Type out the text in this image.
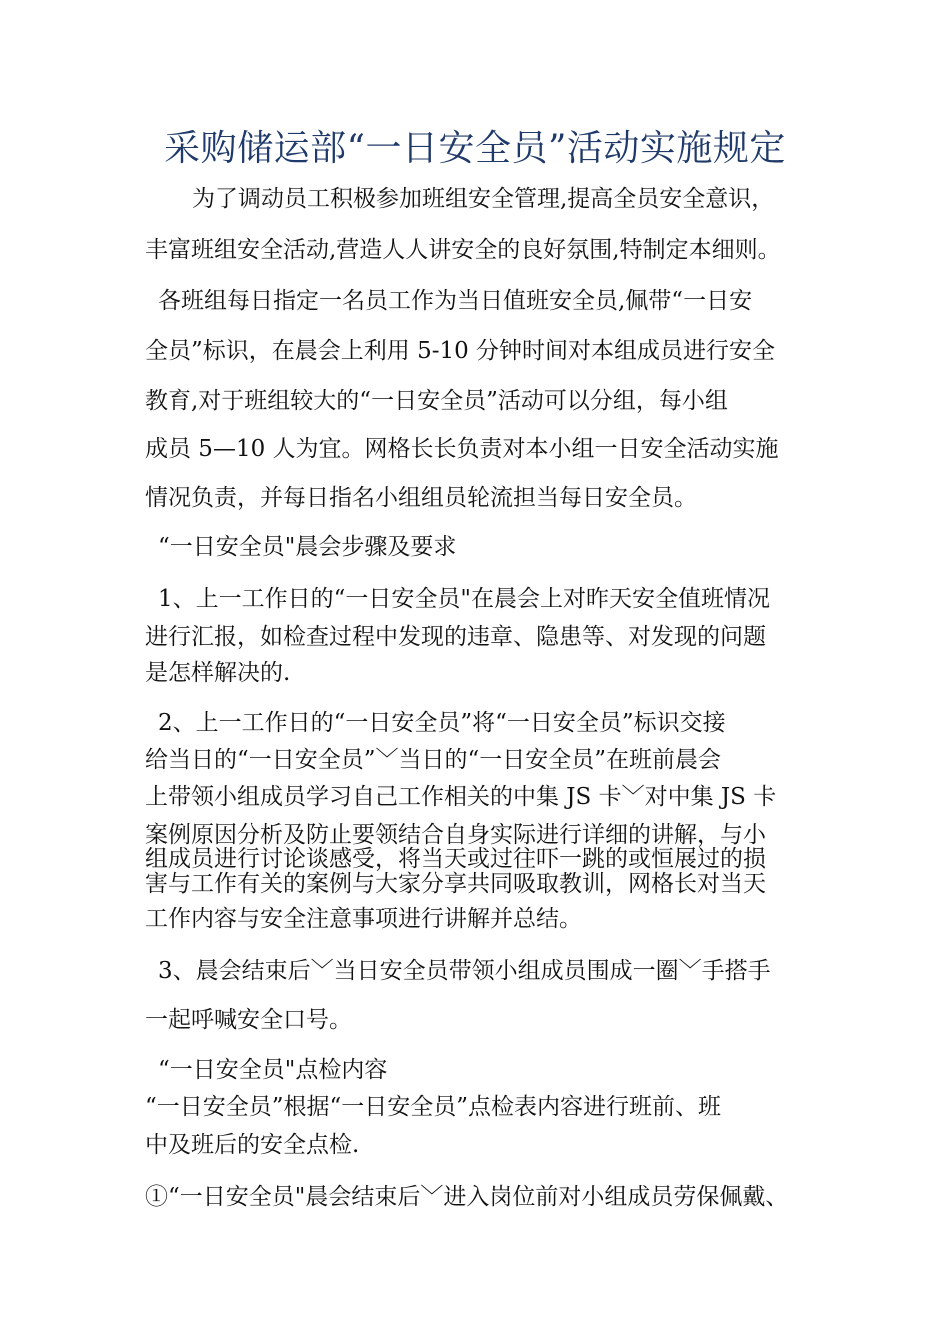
采购储运部“一日安全员”活动实施规定
为了调动员工积极参加班组安全管理,提高全员安全意识，
丰富班组安全活动,营造人人讲安全的良好氛围,特制定本细则。
各班组每日指定一名员工作为当日值班安全员,佩带“一日安
全员”标识，在晨会上利用 5-10 分钟时间对本组成员进行安全
教育,对于班组较大的“一日安全员”活动可以分组，每小组
成员 5—10 人为宜。网格长长负责对本小组一日安全活动实施
情况负责，并每日指名小组组员轮流担当每日安全员。
“一日安全员"晨会步骤及要求
1、上一工作日的“一日安全员"在晨会上对昨天安全值班情况
进行汇报，如检查过程中发现的违章、隐患等、对发现的问题
是怎样解决的.
2、上一工作日的“一日安全员”将“一日安全员”标识交接
给当日的“一日安全员”﹀当日的“一日安全员”在班前晨会
上带领小组成员学习自己工作相关的中集 JS 卡﹀对中集 JS 卡
案例原因分析及防止要领结合自身实际进行详细的讲解，与小
组成员进行讨论谈感受，将当天或过往吓一跳的或恒展过的损
害与工作有关的案例与大家分享共同吸取教训，网格长对当天
工作内容与安全注意事项进行讲解并总结。
3、晨会结束后﹀当日安全员带领小组成员围成一圈﹀手搭手
一起呼喊安全口号。
“一日安全员"点检内容
“一日安全员”根据“一日安全员”点检表内容进行班前、班
中及班后的安全点检.
①“一日安全员"晨会结束后﹀进入岗位前对小组成员劳保佩戴、
